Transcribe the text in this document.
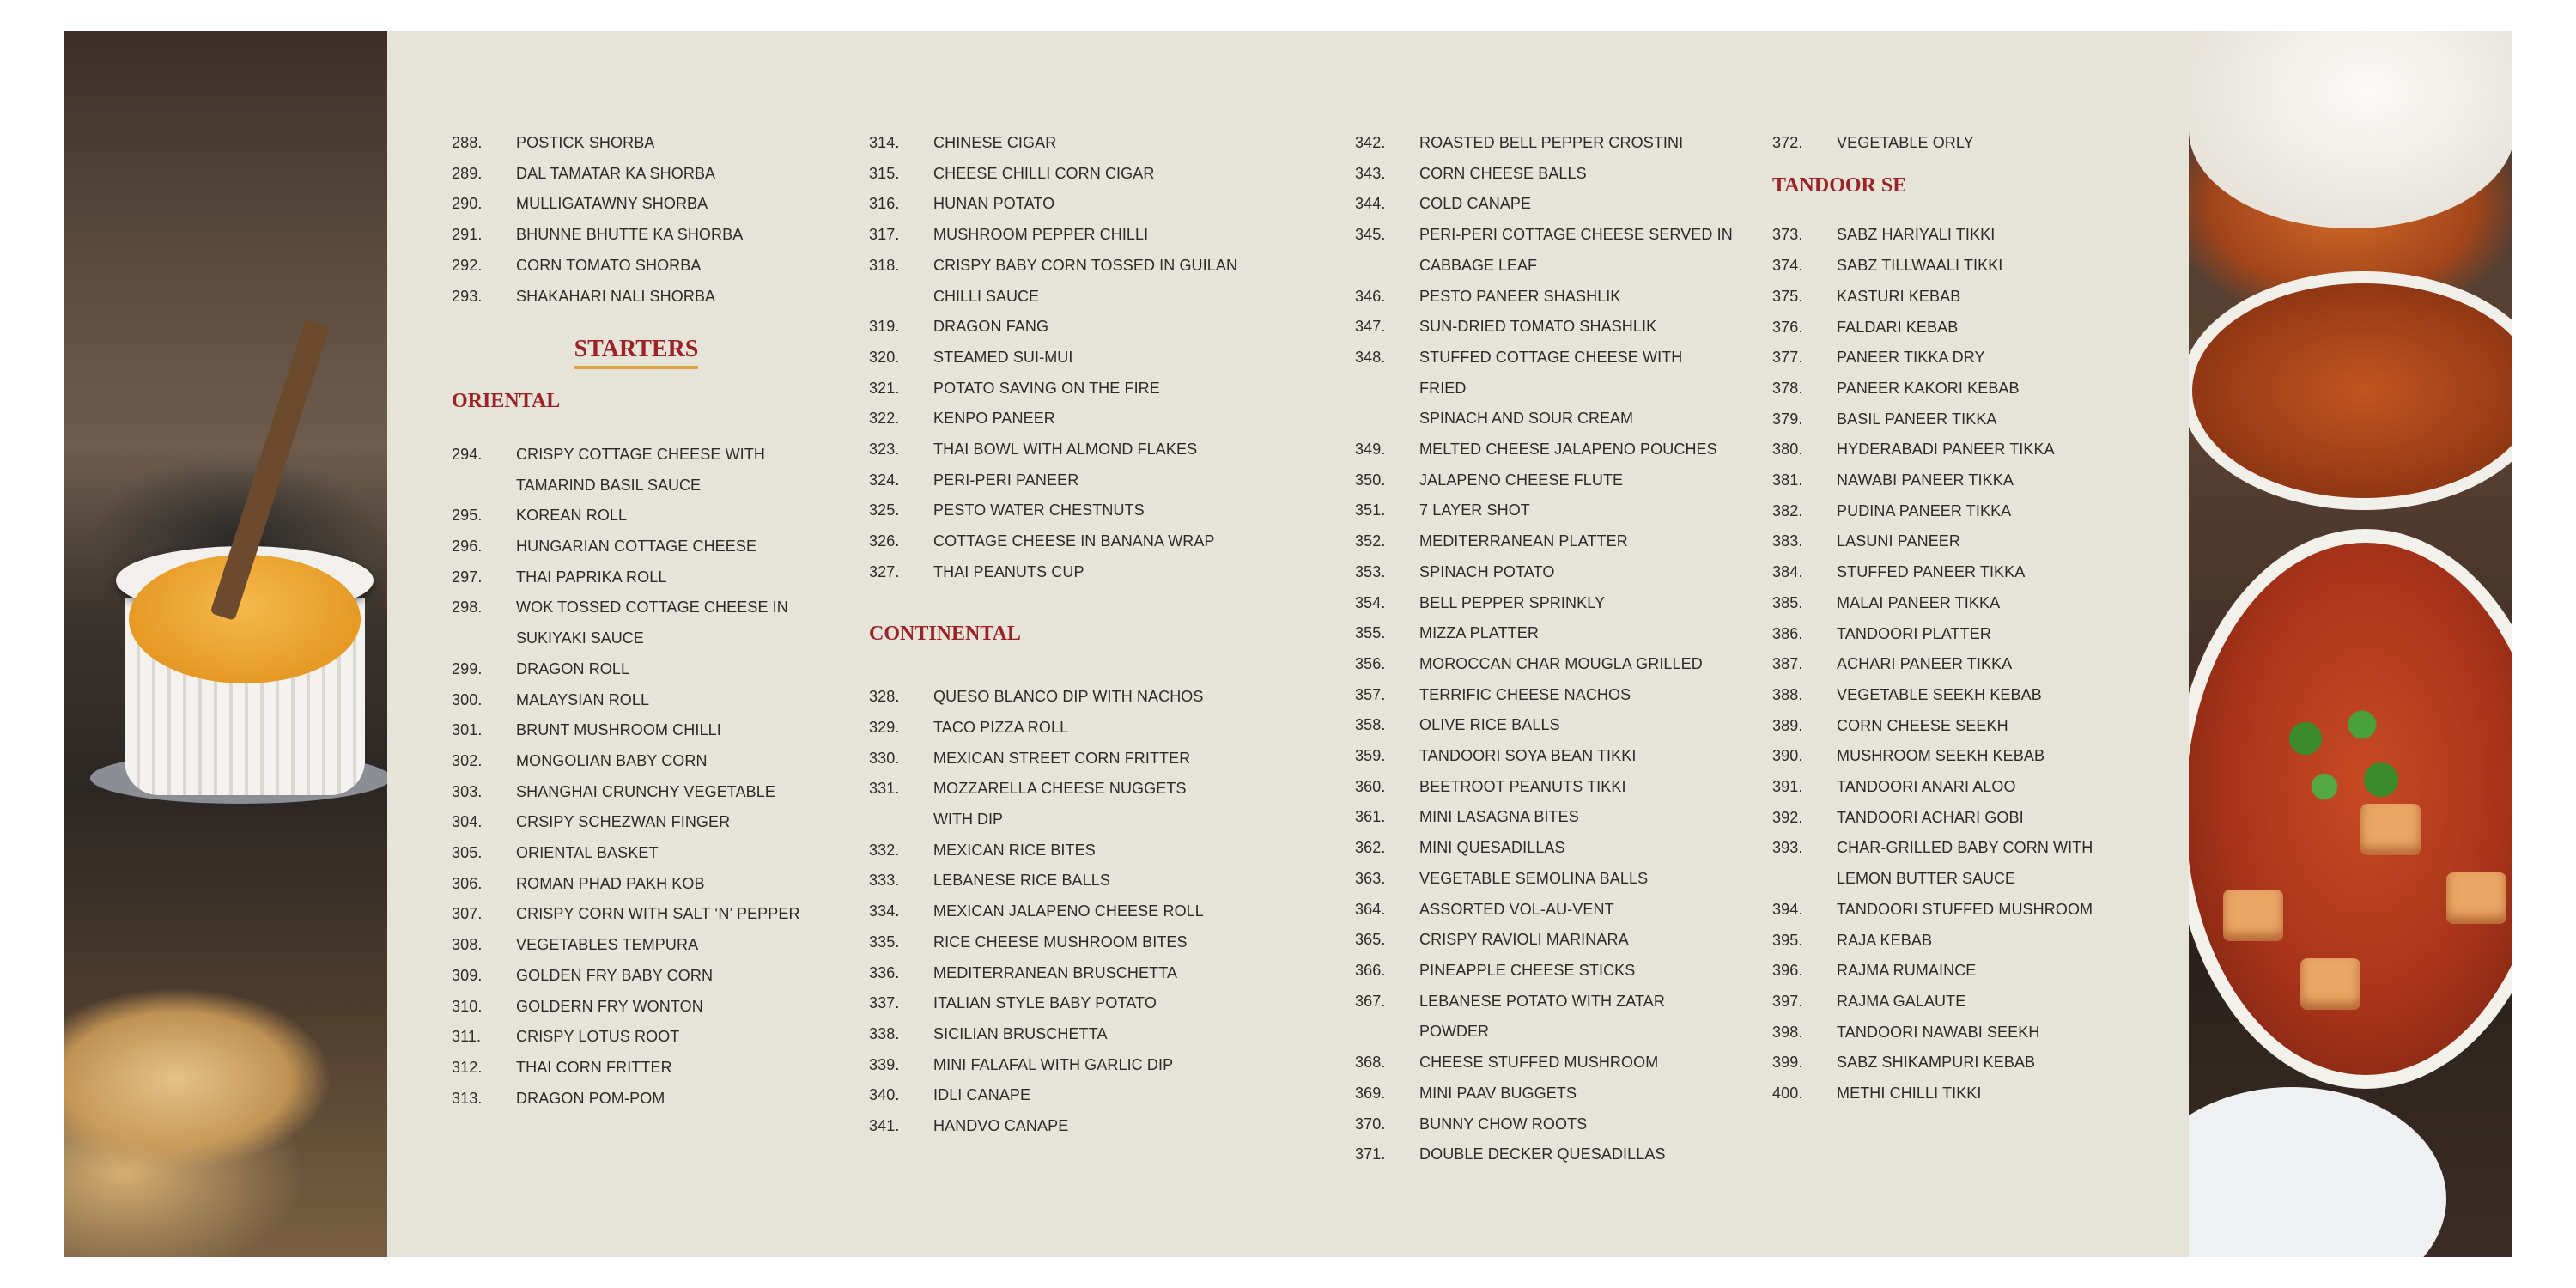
288.	POSTICK SHORBA
289.	DAL TAMATAR KA SHORBA
290.	MULLIGATAWNY SHORBA
291.	BHUNNE BHUTTE KA SHORBA
292.	CORN TOMATO SHORBA
293.	SHAKAHARI NALI SHORBA
STARTERS
ORIENTAL
294.	CRISPY COTTAGE CHEESE WITH
TAMARIND BASIL SAUCE
295.	KOREAN ROLL
296.	HUNGARIAN COTTAGE CHEESE
297.	THAI PAPRIKA ROLL
298.	WOK TOSSED COTTAGE CHEESE IN
SUKIYAKI SAUCE
299.	DRAGON ROLL
300.	MALAYSIAN ROLL
301.	BRUNT MUSHROOM CHILLI
302.	MONGOLIAN BABY CORN
303.	SHANGHAI CRUNCHY VEGETABLE
304.	CRSIPY SCHEZWAN FINGER
305.	ORIENTAL BASKET
306.	ROMAN PHAD PAKH KOB
307.	CRISPY CORN WITH SALT ‘N’ PEPPER
308.	VEGETABLES TEMPURA
309.	GOLDEN FRY BABY CORN
310.	GOLDERN FRY WONTON
311.	CRISPY LOTUS ROOT
312.	THAI CORN FRITTER
313.	DRAGON POM-POM
314.	CHINESE CIGAR
315.	CHEESE CHILLI CORN CIGAR
316.	HUNAN POTATO
317.	MUSHROOM PEPPER CHILLI
318.	CRISPY BABY CORN TOSSED IN GUILAN
CHILLI SAUCE
319.	DRAGON FANG
320.	STEAMED SUI-MUI
321.	POTATO SAVING ON THE FIRE
322.	KENPO PANEER
323.	THAI BOWL WITH ALMOND FLAKES
324.	PERI-PERI PANEER
325.	PESTO WATER CHESTNUTS
326.	COTTAGE CHEESE IN BANANA WRAP
327.	THAI PEANUTS CUP
CONTINENTAL
328.	QUESO BLANCO DIP WITH NACHOS
329.	TACO PIZZA ROLL
330.	MEXICAN STREET CORN FRITTER
331.	MOZZARELLA CHEESE NUGGETS
WITH DIP
332.	MEXICAN RICE BITES
333.	LEBANESE RICE BALLS
334.	MEXICAN JALAPENO CHEESE ROLL
335.	RICE CHEESE MUSHROOM BITES
336.	MEDITERRANEAN BRUSCHETTA
337.	ITALIAN STYLE BABY POTATO
338.	SICILIAN BRUSCHETTA
339.	MINI FALAFAL WITH GARLIC DIP
340.	IDLI CANAPE
341.	HANDVO CANAPE
342.	ROASTED BELL PEPPER CROSTINI
343.	CORN CHEESE BALLS
344.	COLD CANAPE
345.	PERI-PERI COTTAGE CHEESE SERVED IN
CABBAGE LEAF
346.	PESTO PANEER SHASHLIK
347.	SUN-DRIED TOMATO SHASHLIK
348.	STUFFED COTTAGE CHEESE WITH FRIED
SPINACH AND SOUR CREAM
349.	MELTED CHEESE JALAPENO POUCHES
350.	JALAPENO CHEESE FLUTE
351.	7 LAYER SHOT
352.	MEDITERRANEAN PLATTER
353.	SPINACH POTATO
354.	BELL PEPPER SPRINKLY
355.	MIZZA PLATTER
356.	MOROCCAN CHAR MOUGLA GRILLED
357.	TERRIFIC CHEESE NACHOS
358.	OLIVE RICE BALLS
359.	TANDOORI SOYA BEAN TIKKI
360.	BEETROOT PEANUTS TIKKI
361.	MINI LASAGNA BITES
362.	MINI QUESADILLAS
363.	VEGETABLE SEMOLINA BALLS
364.	ASSORTED VOL-AU-VENT
365.	CRISPY RAVIOLI MARINARA
366.	PINEAPPLE CHEESE STICKS
367.	LEBANESE POTATO WITH ZATAR
POWDER
368.	CHEESE STUFFED MUSHROOM
369.	MINI PAAV BUGGETS
370.	BUNNY CHOW ROOTS
371.	DOUBLE DECKER QUESADILLAS
372.	VEGETABLE ORLY
TANDOOR SE
373.	SABZ HARIYALI TIKKI
374.	SABZ TILLWAALI TIKKI
375.	KASTURI KEBAB
376.	FALDARI KEBAB
377.	PANEER TIKKA DRY
378.	PANEER KAKORI KEBAB
379.	BASIL PANEER TIKKA
380.	HYDERABADI PANEER TIKKA
381.	NAWABI PANEER TIKKA
382.	PUDINA PANEER TIKKA
383.	LASUNI PANEER
384.	STUFFED PANEER TIKKA
385.	MALAI PANEER TIKKA
386.	TANDOORI PLATTER
387.	ACHARI PANEER TIKKA
388.	VEGETABLE SEEKH KEBAB
389.	CORN CHEESE SEEKH
390.	MUSHROOM SEEKH KEBAB
391.	TANDOORI ANARI ALOO
392.	TANDOORI ACHARI GOBI
393.	CHAR-GRILLED BABY CORN WITH
LEMON BUTTER SAUCE
394.	TANDOORI STUFFED MUSHROOM
395.	RAJA KEBAB
396.	RAJMA RUMAINCE
397.	RAJMA GALAUTE
398.	TANDOORI NAWABI SEEKH
399.	SABZ SHIKAMPURI KEBAB
400.	METHI CHILLI TIKKI
